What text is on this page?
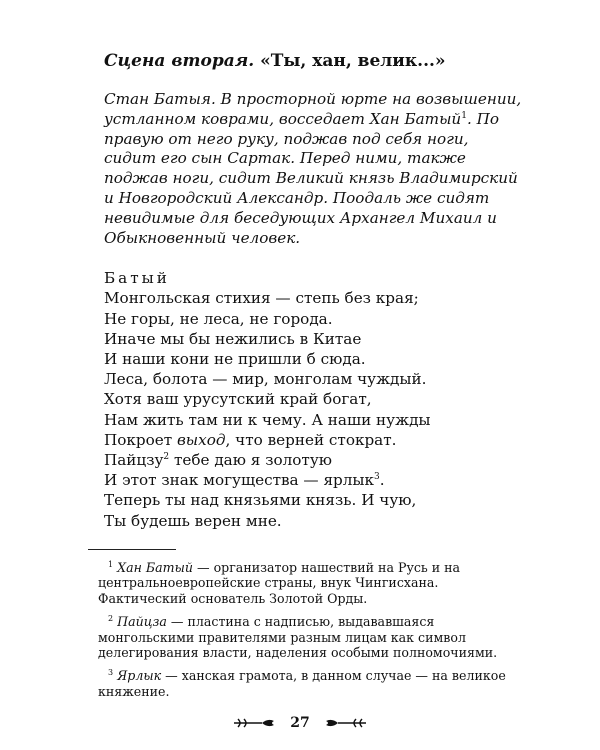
Сцена вторая. «Ты, хан, велик...»

Стан Батыя. В просторной юрте на возвышении, устланном коврами, восседает Хан Батый$^1$. По правую от него руку, поджав под себя ноги, сидит его сын Сартак. Перед ними, также поджав ноги, сидит Великий князь Владимирский и Новгородский Александр. Поодаль же сидят невидимые для беседующих Архангел Михаил и Обыкновенный человек.

Батый
Монгольская стихия — степь без края;
Не горы, не леса, не города.
Иначе мы бы нежились в Китае
И наши кони не пришли б сюда.
Леса, болота — мир, монголам чуждый.
Хотя ваш урусутский край богат,
Нам жить там ни к чему. А наши нужды
Покроет выход, что верней стократ.
Пайцзу$^2$ тебе даю я золотую
И этот знак могущества — ярлык$^3$.
Теперь ты над князьями князь. И чую,
Ты будешь верен мне.

$^1$ Хан Батый — организатор нашествий на Русь и на центральноевропейские страны, внук Чингисхана. Фактический основатель Золотой Орды.

$^2$ Пайцза — пластина с надписью, выдававшаяся монгольскими правителями разным лицам как символ делегирования власти, наделения особыми полномочиями.

$^3$ Ярлык — ханская грамота, в данном случае — на великое княжение.

27
